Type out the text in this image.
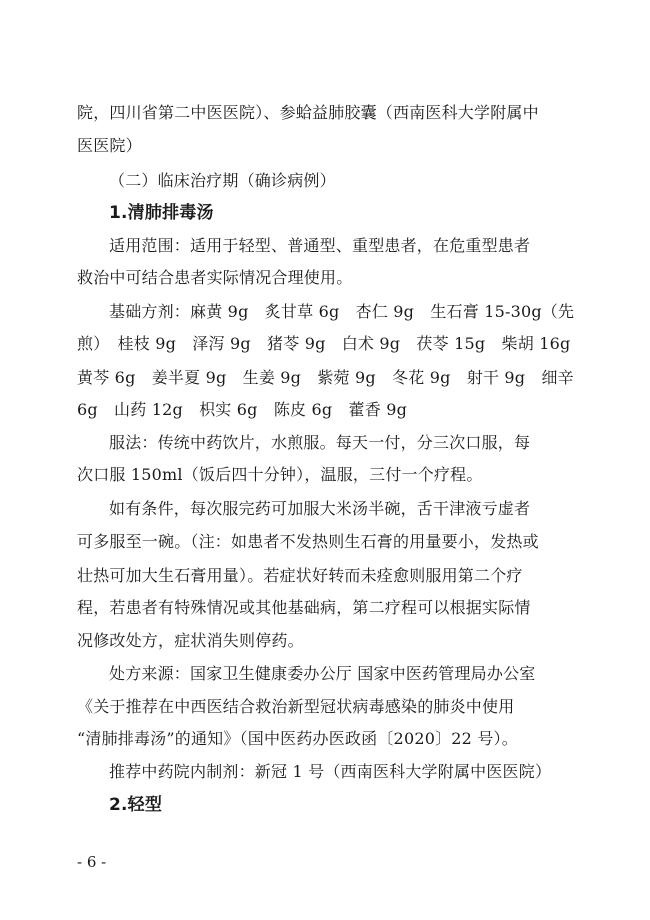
院，四川省第二中医医院）、参蛤益肺胶囊（西南医科大学附属中
医医院）
（二）临床治疗期（确诊病例）
1.清肺排毒汤
适用范围：适用于轻型、普通型、重型患者，在危重型患者
救治中可结合患者实际情况合理使用。
基础方剂：麻黄 9g　炙甘草 6g　杏仁 9g　生石膏 15-30g（先
煎）　桂枝 9g　泽泻 9g　猪苓 9g　白术 9g　茯苓 15g　柴胡 16g
黄芩 6g　姜半夏 9g　生姜 9g　紫菀 9g　冬花 9g　射干 9g　细辛
6g　山药 12g　枳实 6g　陈皮 6g　藿香 9g
服法：传统中药饮片，水煎服。每天一付，分三次口服，每
次口服 150ml（饭后四十分钟），温服，三付一个疗程。
如有条件，每次服完药可加服大米汤半碗，舌干津液亏虚者
可多服至一碗。（注：如患者不发热则生石膏的用量要小，发热或
壮热可加大生石膏用量）。若症状好转而未痊愈则服用第二个疗
程，若患者有特殊情况或其他基础病，第二疗程可以根据实际情
况修改处方，症状消失则停药。
处方来源：国家卫生健康委办公厅 国家中医药管理局办公室
《关于推荐在中西医结合救治新型冠状病毒感染的肺炎中使用
“清肺排毒汤”的通知》（国中医药办医政函〔2020〕22 号）。
推荐中药院内制剂：新冠 1 号（西南医科大学附属中医医院）
2.轻型
- 6 -
